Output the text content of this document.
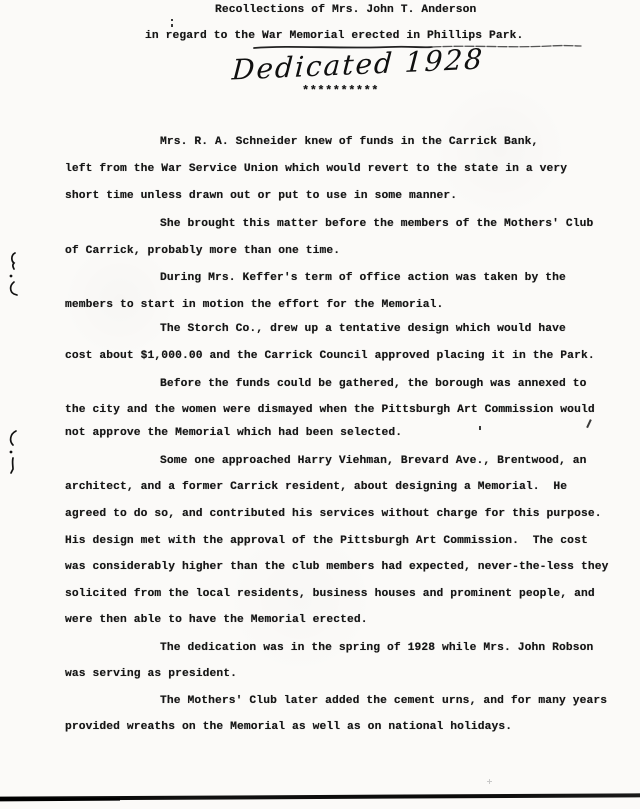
Recollections of Mrs. John T. Anderson
in regard to the War Memorial erected in Phillips Park.
Dedicated 1928
**********
Mrs. R. A. Schneider knew of funds in the Carrick Bank,
left from the War Service Union which would revert to the state in a very
short time unless drawn out or put to use in some manner.
She brought this matter before the members of the Mothers' Club
of Carrick, probably more than one time.
During Mrs. Keffer's term of office action was taken by the
members to start in motion the effort for the Memorial.
The Storch Co., drew up a tentative design which would have
cost about $1,000.00 and the Carrick Council approved placing it in the Park.
Before the funds could be gathered, the borough was annexed to
the city and the women were dismayed when the Pittsburgh Art Commission would
not approve the Memorial which had been selected.
Some one approached Harry Viehman, Brevard Ave., Brentwood, an
architect, and a former Carrick resident, about designing a Memorial.  He
agreed to do so, and contributed his services without charge for this purpose.
His design met with the approval of the Pittsburgh Art Commission.  The cost
was considerably higher than the club members had expected, never-the-less they
solicited from the local residents, business houses and prominent people, and
were then able to have the Memorial erected.
The dedication was in the spring of 1928 while Mrs. John Robson
was serving as president.
The Mothers' Club later added the cement urns, and for many years
provided wreaths on the Memorial as well as on national holidays.
